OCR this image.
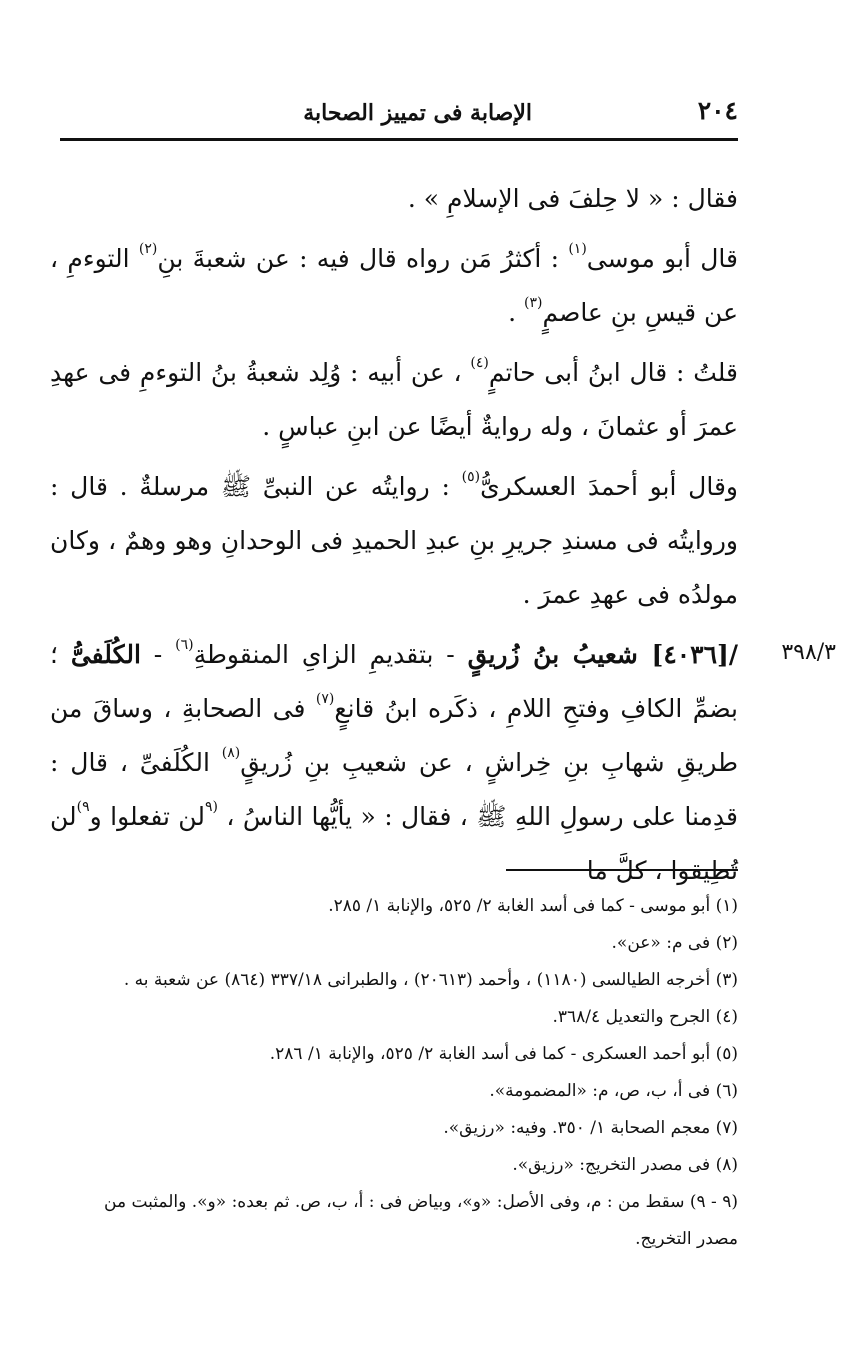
٢٠٤
الإصابة فى تمييز الصحابة
٣٩٨/٣

فقال : « لا حِلفَ فى الإسلامِ » .

قال أبو موسى$^{(١)}$ : أكثرُ مَن رواه قال فيه : عن شعبةَ بنِ$^{(٢)}$ التوءمِ ، عن قيسِ بنِ عاصمٍ$^{(٣)}$ .

قلتُ : قال ابنُ أبى حاتمٍ$^{(٤)}$ ، عن أبيه : وُلِد شعبةُ بنُ التوءمِ فى عهدِ عمرَ أو عثمانَ ، وله روايةٌ أيضًا عن ابنِ عباسٍ .

وقال أبو أحمدَ العسكرىُّ$^{(٥)}$ : روايتُه عن النبىِّ ﷺ مرسلةٌ . قال : وروايتُه فى مسندِ جريرِ بنِ عبدِ الحميدِ فى الوحدانِ وهو وهمٌ ، وكان مولدُه فى عهدِ عمرَ .

/[٤٠٣٦] شعيبُ بنُ زُريقٍ - بتقديمِ الزاىِ المنقوطةِ$^{(٦)}$ - الكُلَفىُّ ؛ بضمِّ الكافِ وفتحِ اللامِ ، ذكَره ابنُ قانعٍ$^{(٧)}$ فى الصحابةِ ، وساقَ من طريقِ شهابِ بنِ خِراشٍ ، عن شعيبِ بنِ زُريقٍ$^{(٨)}$ الكُلَفىِّ ، قال : قدِمنا على رسولِ اللهِ ﷺ ، فقال : « يأيُّها الناسُ ، $^{(٩}$لن تفعلوا و$^{٩)}$لن تُطِيقوا ، كلَّ ما

(١) أبو موسى - كما فى أسد الغابة ٢/ ٥٢٥، والإنابة ١/ ٢٨٥.

(٢) فى م: «عن».

(٣) أخرجه الطيالسى (١١٨٠) ، وأحمد (٢٠٦١٣) ، والطبرانى ٣٣٧/١٨ (٨٦٤) عن شعبة به .

(٤) الجرح والتعديل ٣٦٨/٤.

(٥) أبو أحمد العسكرى - كما فى أسد الغابة ٢/ ٥٢٥، والإنابة ١/ ٢٨٦.

(٦) فى أ، ب، ص، م: «المضمومة».

(٧) معجم الصحابة ١/ ٣٥٠. وفيه: «رزيق».

(٨) فى مصدر التخريج: «رزيق».

(٩ - ٩) سقط من : م، وفى الأصل: «و»، وبياض فى : أ، ب، ص. ثم بعده: «و». والمثبت من مصدر التخريج.
